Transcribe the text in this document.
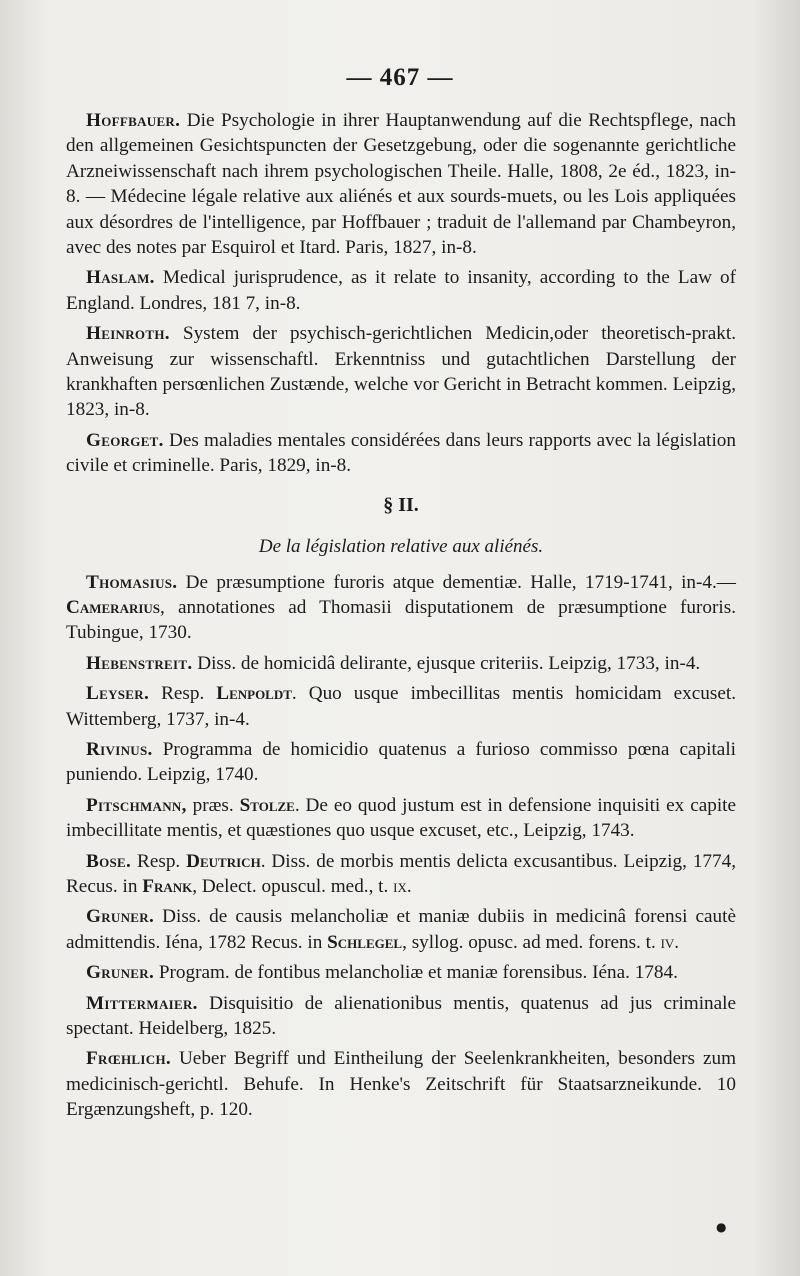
— 467 —

Hoffbauer. Die Psychologie in ihrer Hauptanwendung auf die Rechtspflege, nach den allgemeinen Gesichtspuncten der Gesetzgebung, oder die sogenannte gerichtliche Arzneiwissenschaft nach ihrem psychologischen Theile. Halle, 1808, 2e éd., 1823, in-8. — Médecine légale relative aux aliénés et aux sourds-muets, ou les Lois appliquées aux désordres de l'intelligence, par Hoffbauer ; traduit de l'allemand par Chambeyron, avec des notes par Esquirol et Itard. Paris, 1827, in-8.

Haslam. Medical jurisprudence, as it relate to insanity, according to the Law of England. Londres, 181 7, in-8.

Heinroth. System der psychisch-gerichtlichen Medicin,oder theoretisch-prakt. Anweisung zur wissenschaftl. Erkenntniss und gutachtlichen Darstellung der krankhaften persœnlichen Zustænde, welche vor Gericht in Betracht kommen. Leipzig, 1823, in-8.

Georget. Des maladies mentales considérées dans leurs rapports avec la législation civile et criminelle. Paris, 1829, in-8.

§ II.
De la législation relative aux aliénés.

Thomasius. De præsumptione furoris atque dementiæ. Halle, 1719-1741, in-4.—Camerarius, annotationes ad Thomasii disputationem de præsumptione furoris. Tubingue, 1730.

Hebenstreit. Diss. de homicidâ delirante, ejusque criteriis. Leipzig, 1733, in-4.

Leyser. Resp. Lenpoldt. Quo usque imbecillitas mentis homicidam excuset. Wittemberg, 1737, in-4.

Rivinus. Programma de homicidio quatenus a furioso commisso pœna capitali puniendo. Leipzig, 1740.

Pitschmann, præs. Stolze. De eo quod justum est in defensione inquisiti ex capite imbecillitate mentis, et quæstiones quo usque excuset, etc., Leipzig, 1743.

Bose. Resp. Deutrich. Diss. de morbis mentis delicta excusantibus. Leipzig, 1774, Recus. in Frank, Delect. opuscul. med., t. ix.

Gruner. Diss. de causis melancholiæ et maniæ dubiis in medicinâ forensi cautè admittendis. Iéna, 1782 Recus. in Schlegel, syllog. opusc. ad med. forens. t. iv.

Gruner. Program. de fontibus melancholiæ et maniæ forensibus. Iéna. 1784.

Mittermaier. Disquisitio de alienationibus mentis, quatenus ad jus criminale spectant. Heidelberg, 1825.

Frœhlich. Ueber Begriff und Eintheilung der Seelenkrankheiten, besonders zum medicinisch-gerichtl. Behufe. In Henke's Zeitschrift für Staatsarzneikunde. 10 Ergænzungsheft, p. 120.

●
